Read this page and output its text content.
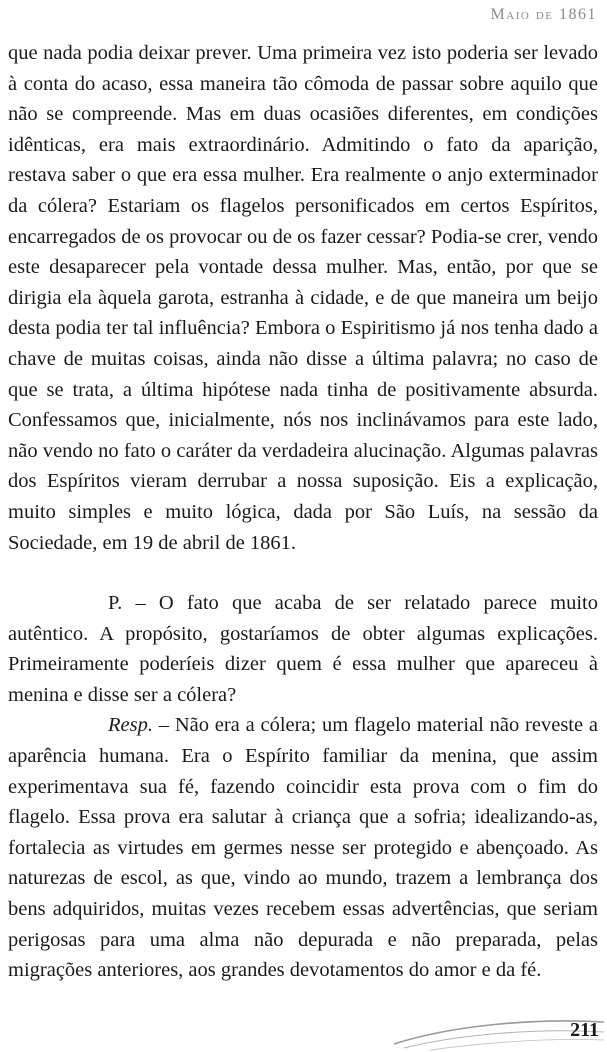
Maio de 1861

que nada podia deixar prever. Uma primeira vez isto poderia ser levado à conta do acaso, essa maneira tão cômoda de passar sobre aquilo que não se compreende. Mas em duas ocasiões diferentes, em condições idênticas, era mais extraordinário. Admitindo o fato da aparição, restava saber o que era essa mulher. Era realmente o anjo exterminador da cólera? Estariam os flagelos personificados em certos Espíritos, encarregados de os provocar ou de os fazer cessar? Podia-se crer, vendo este desaparecer pela vontade dessa mulher. Mas, então, por que se dirigia ela àquela garota, estranha à cidade, e de que maneira um beijo desta podia ter tal influência? Embora o Espiritismo já nos tenha dado a chave de muitas coisas, ainda não disse a última palavra; no caso de que se trata, a última hipótese nada tinha de positivamente absurda. Confessamos que, inicialmente, nós nos inclinávamos para este lado, não vendo no fato o caráter da verdadeira alucinação. Algumas palavras dos Espíritos vieram derrubar a nossa suposição. Eis a explicação, muito simples e muito lógica, dada por São Luís, na sessão da Sociedade, em 19 de abril de 1861.

P. – O fato que acaba de ser relatado parece muito autêntico. A propósito, gostaríamos de obter algumas explicações. Primeiramente poderíeis dizer quem é essa mulher que apareceu à menina e disse ser a cólera?

Resp. – Não era a cólera; um flagelo material não reveste a aparência humana. Era o Espírito familiar da menina, que assim experimentava sua fé, fazendo coincidir esta prova com o fim do flagelo. Essa prova era salutar à criança que a sofria; idealizando-as, fortalecia as virtudes em germes nesse ser protegido e abençoado. As naturezas de escol, as que, vindo ao mundo, trazem a lembrança dos bens adquiridos, muitas vezes recebem essas advertências, que seriam perigosas para uma alma não depurada e não preparada, pelas migrações anteriores, aos grandes devotamentos do amor e da fé.

211
